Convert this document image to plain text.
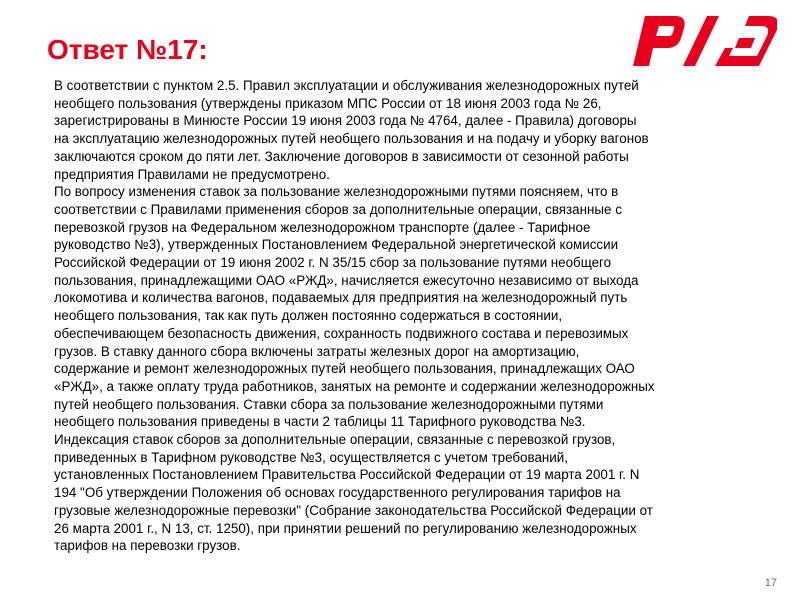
Ответ №17:

В соответствии с пунктом 2.5. Правил эксплуатации и обслуживания железнодорожных путей
необщего пользования (утверждены приказом МПС России от 18 июня 2003 года № 26,
зарегистрированы в Минюсте России 19 июня 2003 года № 4764, далее - Правила) договоры
на эксплуатацию железнодорожных путей необщего пользования и на подачу и уборку вагонов
заключаются сроком до пяти лет. Заключение договоров в зависимости от сезонной работы
предприятия Правилами не предусмотрено.
По вопросу изменения ставок за пользование железнодорожными путями поясняем, что в
соответствии с Правилами применения сборов за дополнительные операции, связанные с
перевозкой грузов на Федеральном железнодорожном транспорте (далее - Тарифное
руководство №3), утвержденных Постановлением Федеральной энергетической комиссии
Российской Федерации от 19 июня 2002 г. N 35/15 сбор за пользование путями необщего
пользования, принадлежащими ОАО «РЖД», начисляется ежесуточно независимо от выхода
локомотива и количества вагонов, подаваемых для предприятия на железнодорожный путь
необщего пользования, так как путь должен постоянно содержаться в состоянии,
обеспечивающем безопасность движения, сохранность подвижного состава и перевозимых
грузов. В ставку данного сбора включены затраты железных дорог на амортизацию,
содержание и ремонт железнодорожных путей необщего пользования, принадлежащих ОАО
«РЖД», а также оплату труда работников, занятых на ремонте и содержании железнодорожных
путей необщего пользования. Ставки сбора за пользование железнодорожными путями
необщего пользования приведены в части 2 таблицы 11 Тарифного руководства №3.
Индексация ставок сборов за дополнительные операции, связанные с перевозкой грузов,
приведенных в Тарифном руководстве №3, осуществляется с учетом требований,
установленных Постановлением Правительства Российской Федерации от 19 марта 2001 г. N
194 "Об утверждении Положения об основах государственного регулирования тарифов на
грузовые железнодорожные перевозки" (Собрание законодательства Российской Федерации от
26 марта 2001 г., N 13, ст. 1250), при принятии решений по регулированию железнодорожных
тарифов на перевозки грузов.

17
